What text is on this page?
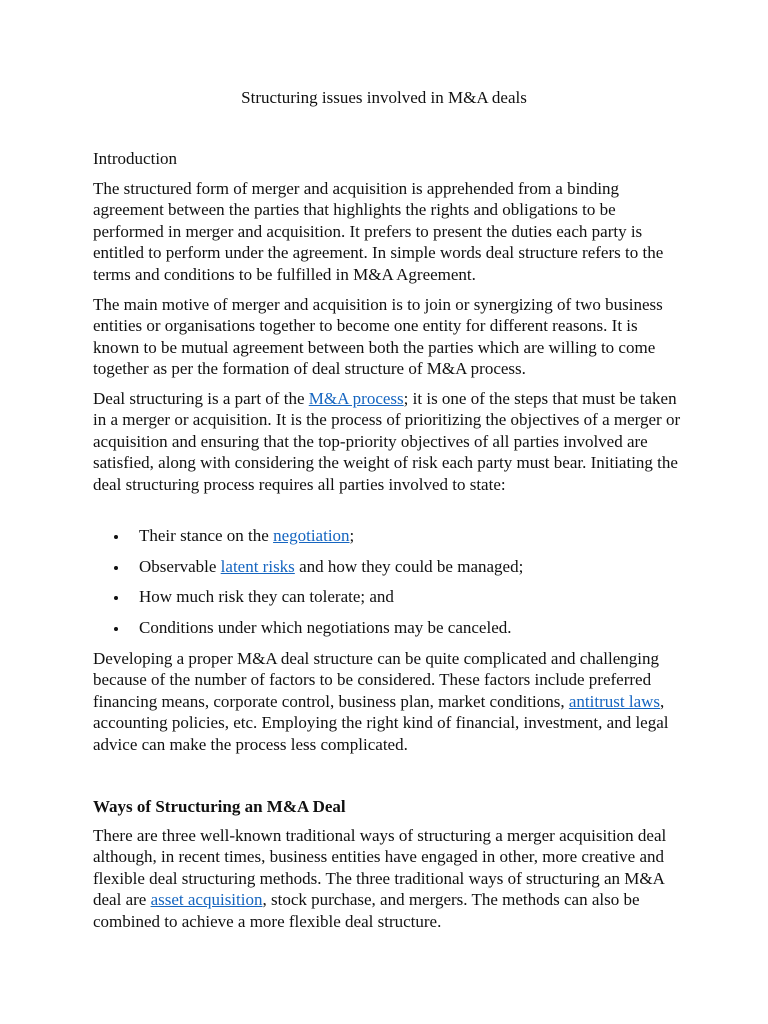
Structuring issues involved in M&A deals
Introduction

The structured form of merger and acquisition is apprehended from a binding agreement between the parties that highlights the rights and obligations to be performed in merger and acquisition. It prefers to present the duties each party is entitled to perform under the agreement. In simple words deal structure refers to the terms and conditions to be fulfilled in M&A Agreement.

The main motive of merger and acquisition is to join or synergizing of two business entities or organisations together to become one entity for different reasons. It is known to be mutual agreement between both the parties which are willing to come together as per the formation of deal structure of M&A process.

Deal structuring is a part of the M&A process; it is one of the steps that must be taken in a merger or acquisition. It is the process of prioritizing the objectives of a merger or acquisition and ensuring that the top-priority objectives of all parties involved are satisfied, along with considering the weight of risk each party must bear. Initiating the deal structuring process requires all parties involved to state:

Their stance on the negotiation;
Observable latent risks and how they could be managed;
How much risk they can tolerate; and
Conditions under which negotiations may be canceled.

Developing a proper M&A deal structure can be quite complicated and challenging because of the number of factors to be considered. These factors include preferred financing means, corporate control, business plan, market conditions, antitrust laws, accounting policies, etc. Employing the right kind of financial, investment, and legal advice can make the process less complicated.

Ways of Structuring an M&A Deal

There are three well-known traditional ways of structuring a merger acquisition deal although, in recent times, business entities have engaged in other, more creative and flexible deal structuring methods. The three traditional ways of structuring an M&A deal are asset acquisition, stock purchase, and mergers. The methods can also be combined to achieve a more flexible deal structure.
